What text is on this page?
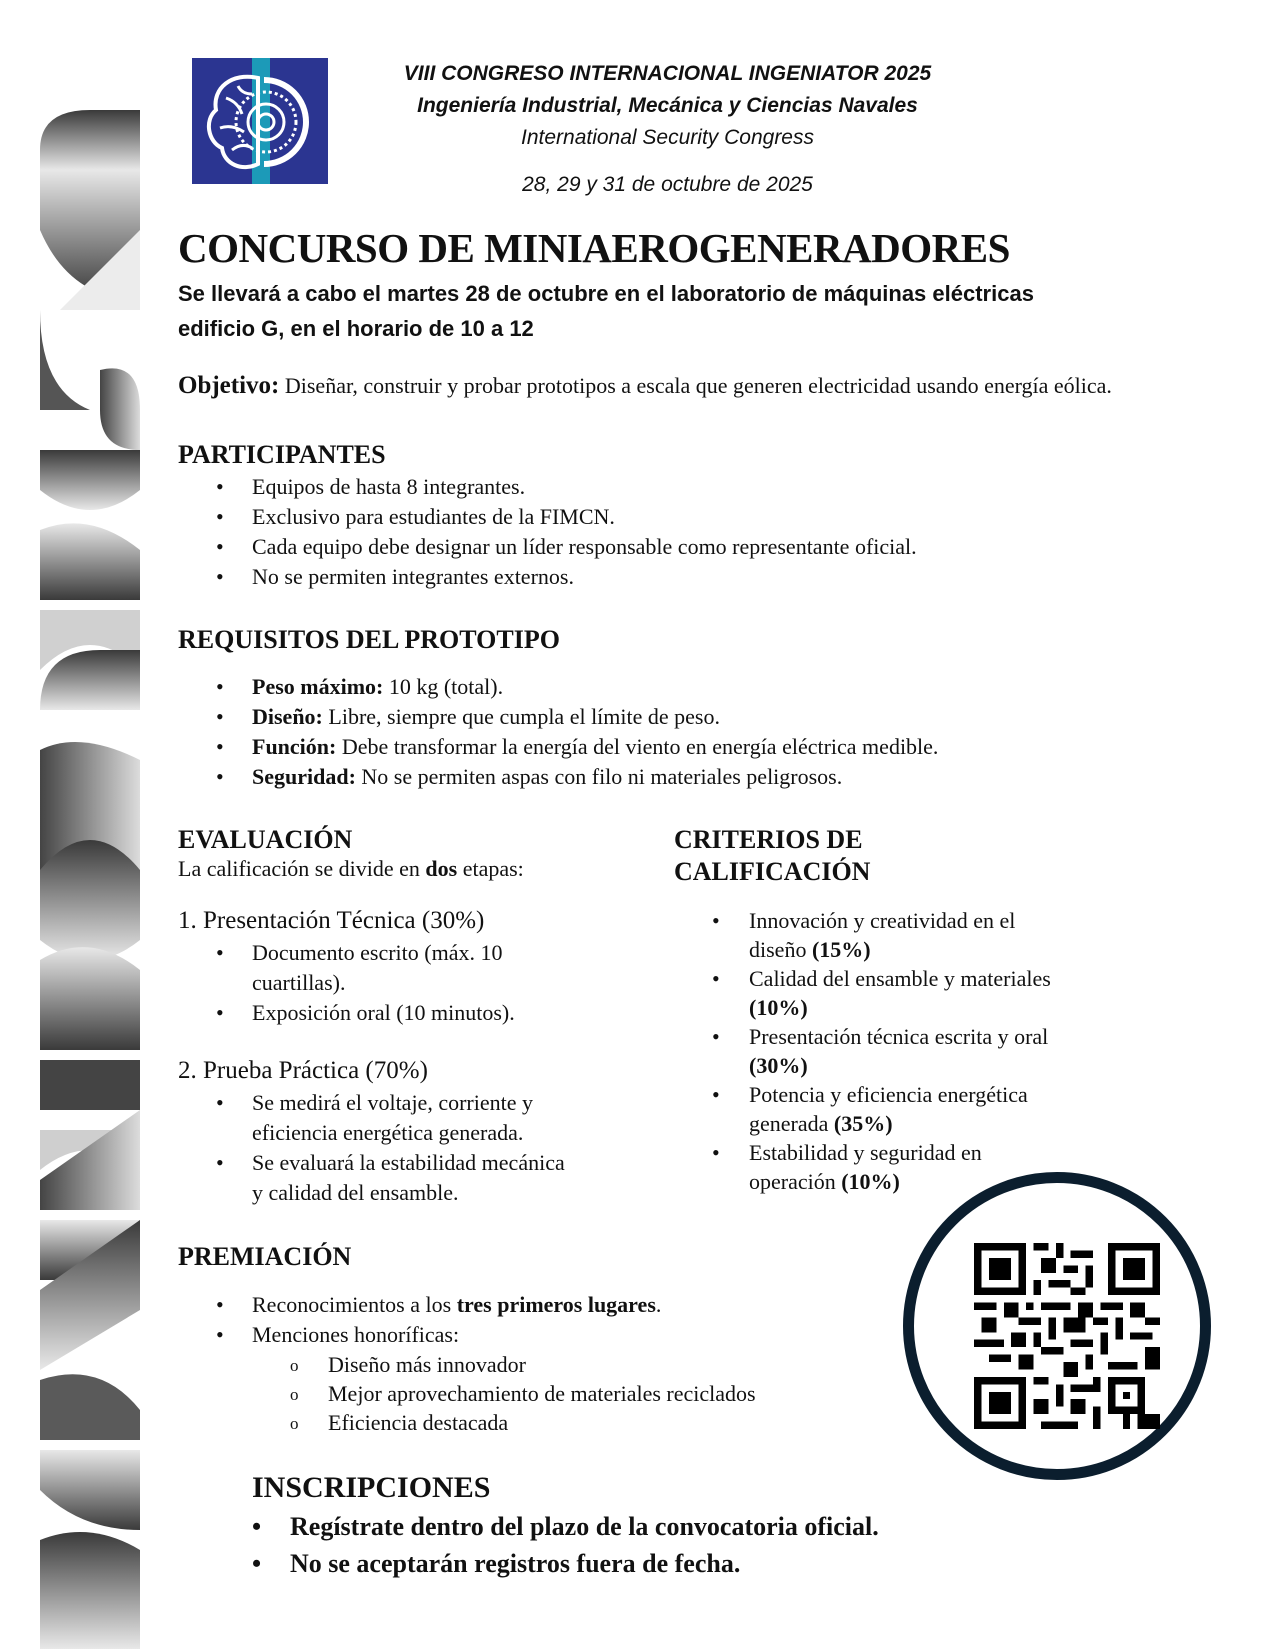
VIII CONGRESO INTERNACIONAL INGENIATOR 2025
Ingeniería Industrial, Mecánica y Ciencias Navales
International Security Congress
28, 29 y 31 de octubre de 2025
CONCURSO DE MINIAEROGENERADORES
Se llevará a cabo el martes 28 de octubre en el laboratorio de máquinas eléctricas edificio G, en el horario de 10 a 12
Objetivo: Diseñar, construir y probar prototipos a escala que generen electricidad usando energía eólica.
PARTICIPANTES
• Equipos de hasta 8 integrantes.
• Exclusivo para estudiantes de la FIMCN.
• Cada equipo debe designar un líder responsable como representante oficial.
• No se permiten integrantes externos.
REQUISITOS DEL PROTOTIPO
• Peso máximo: 10 kg (total).
• Diseño: Libre, siempre que cumpla el límite de peso.
• Función: Debe transformar la energía del viento en energía eléctrica medible.
• Seguridad: No se permiten aspas con filo ni materiales peligrosos.
EVALUACIÓN
La calificación se divide en dos etapas:

1. Presentación Técnica (30%)

• Documento escrito (máx. 10 cuartillas).
• Exposición oral (10 minutos).

2. Prueba Práctica (70%)

• Se medirá el voltaje, corriente y eficiencia energética generada.
• Se evaluará la estabilidad mecánica y calidad del ensamble.
CRITERIOS DE
CALIFICACIÓN
• Innovación y creatividad en el diseño (15%)
• Calidad del ensamble y materiales (10%)
• Presentación técnica escrita y oral (30%)
• Potencia y eficiencia energética generada (35%)
• Estabilidad y seguridad en operación (10%)
PREMIACIÓN
• Reconocimientos a los tres primeros lugares.
• Menciones honoríficas:
o Diseño más innovador
o Mejor aprovechamiento de materiales reciclados
o Eficiencia destacada
INSCRIPCIONES
• Regístrate dentro del plazo de la convocatoria oficial.
• No se aceptarán registros fuera de fecha.
